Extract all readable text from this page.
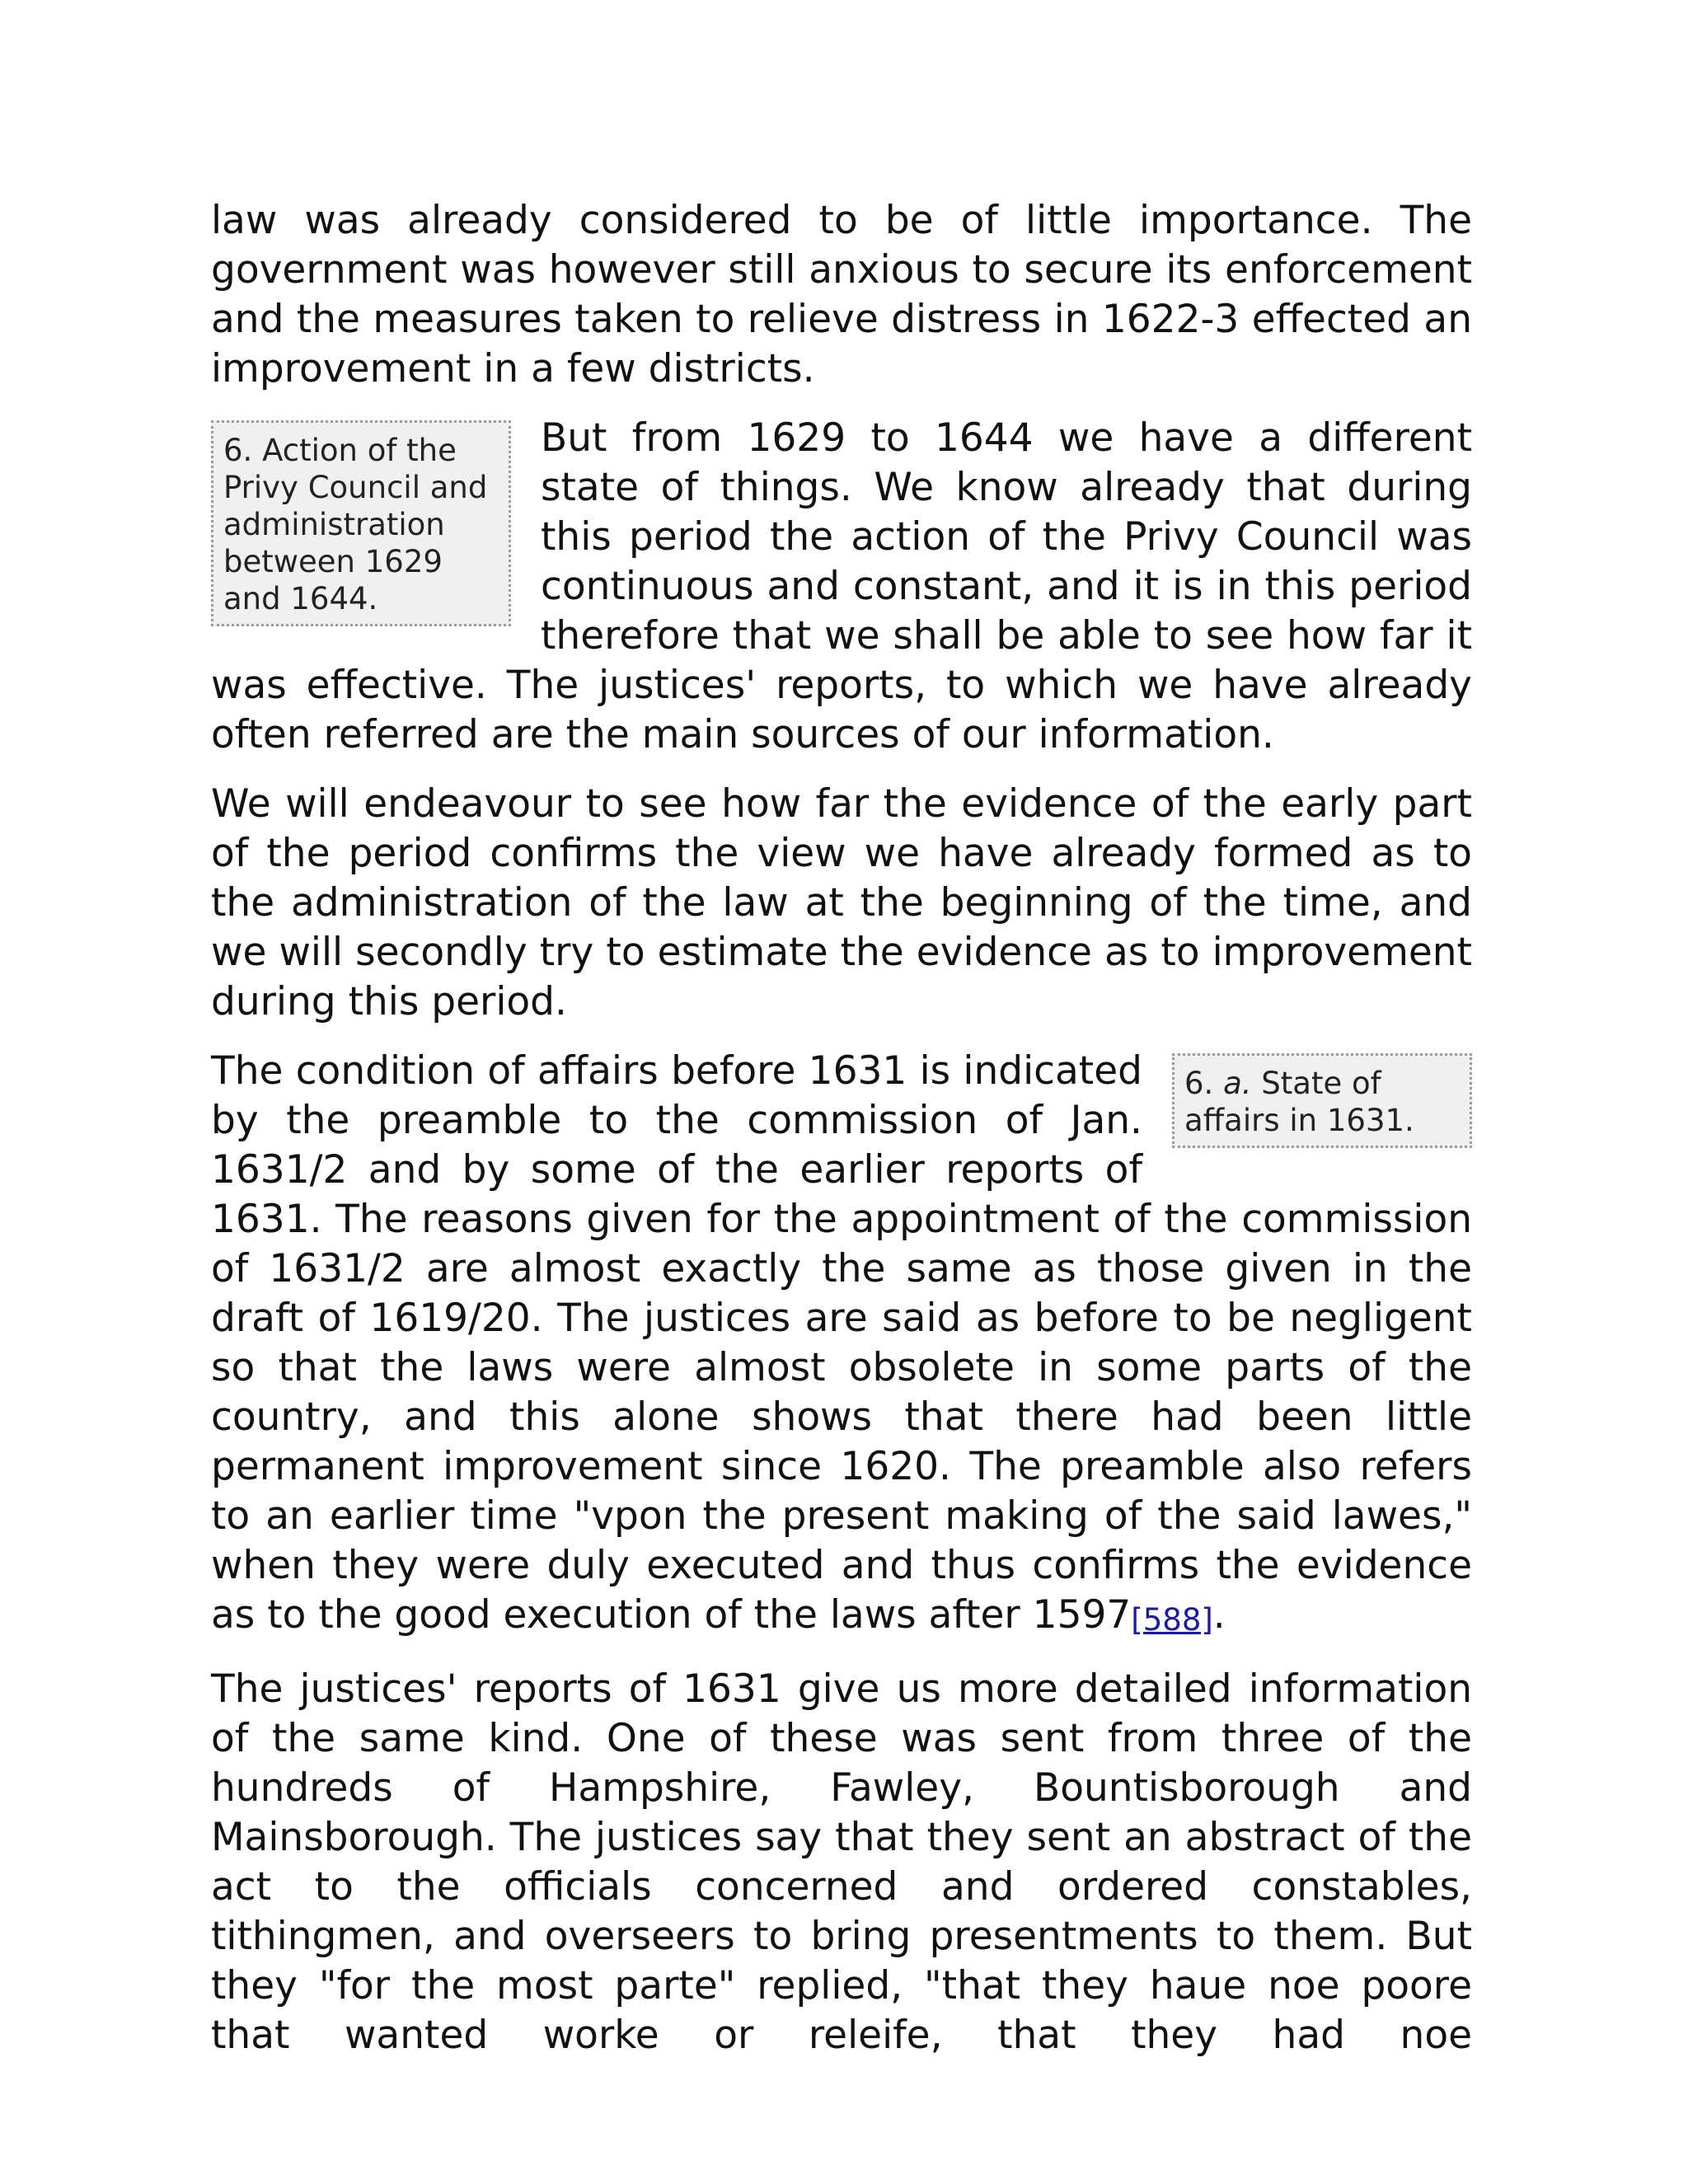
law was already considered to be of little importance. The government was however still anxious to secure its enforcement and the measures taken to relieve distress in 1622-3 effected an improvement in a few districts.

6. Action of the Privy Council and administration between 1629 and 1644.

But from 1629 to 1644 we have a different state of things. We know already that during this period the action of the Privy Council was continuous and constant, and it is in this period therefore that we shall be able to see how far it was effective. The justices' reports, to which we have already often referred are the main sources of our information.

We will endeavour to see how far the evidence of the early part of the period confirms the view we have already formed as to the administration of the law at the beginning of the time, and we will secondly try to estimate the evidence as to improvement during this period.

6. a. State of affairs in 1631.

The condition of affairs before 1631 is indicated by the preamble to the commission of Jan. 1631/2 and by some of the earlier reports of 1631. The reasons given for the appointment of the commission of 1631/2 are almost exactly the same as those given in the draft of 1619/20. The justices are said as before to be negligent so that the laws were almost obsolete in some parts of the country, and this alone shows that there had been little permanent improvement since 1620. The preamble also refers to an earlier time "vpon the present making of the said lawes," when they were duly executed and thus confirms the evidence as to the good execution of the laws after 1597[588].

The justices' reports of 1631 give us more detailed information of the same kind. One of these was sent from three of the hundreds of Hampshire, Fawley, Bountisborough and Mainsborough. The justices say that they sent an abstract of the act to the officials concerned and ordered constables, tithingmen, and overseers to bring presentments to them. But they "for the most parte" replied, "that they haue noe poore that wanted worke or releife, that they had noe
